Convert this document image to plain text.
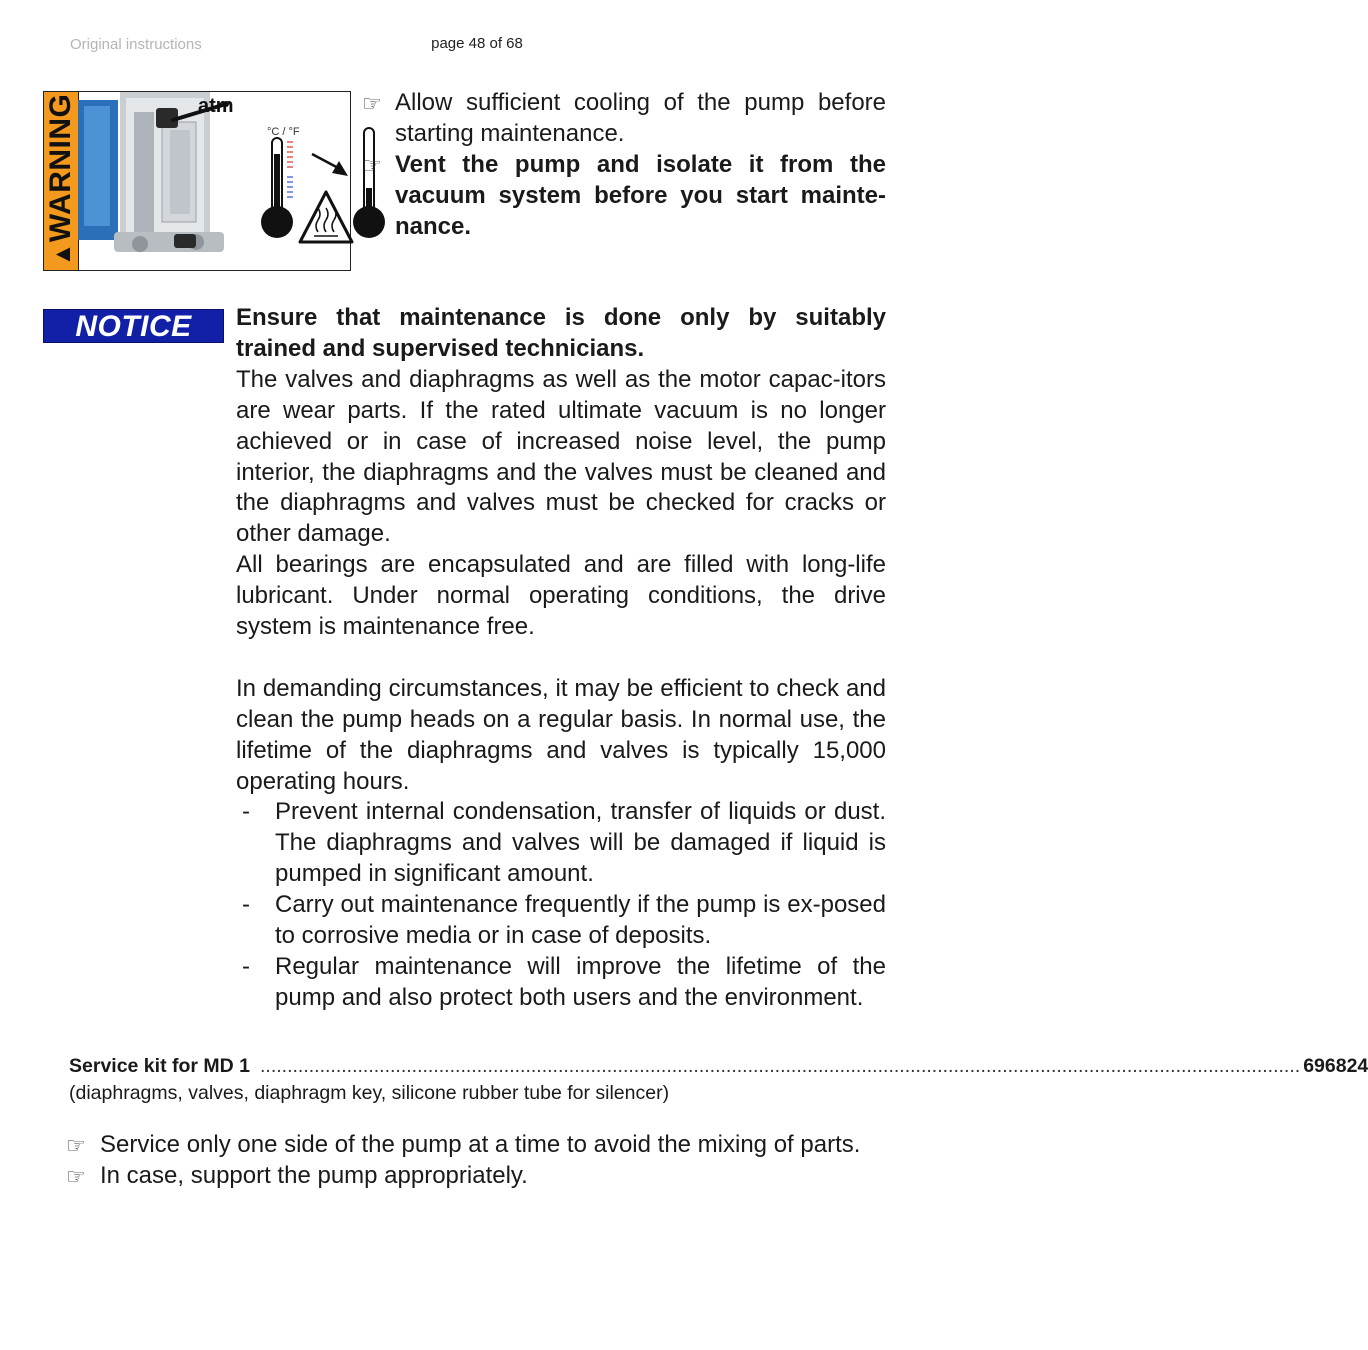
Original instructions	page 48 of 68
▲WARNING	atm
°C / °F
☞ Allow sufficient cooling of the pump before starting maintenance.
☞ Vent the pump and isolate it from the vacuum system before you start mainte-nance.
NOTICE	Ensure that maintenance is done only by suitably trained and supervised technicians.
The valves and diaphragms as well as the motor capac-itors are wear parts. If the rated ultimate vacuum is no longer achieved or in case of increased noise level, the pump interior, the diaphragms and the valves must be cleaned and the diaphragms and valves must be checked for cracks or other damage.
All bearings are encapsulated and are filled with long-life lubricant. Under normal operating conditions, the drive system is maintenance free.
In demanding circumstances, it may be efficient to check and clean the pump heads on a regular basis. In normal use, the lifetime of the diaphragms and valves is typically 15,000 operating hours.
- Prevent internal condensation, transfer of liquids or dust. The diaphragms and valves will be damaged if liquid is pumped in significant amount.
- Carry out maintenance frequently if the pump is ex-posed to corrosive media or in case of deposits.
- Regular maintenance will improve the lifetime of the pump and also protect both users and the environment.
Service kit for MD 1 ................................................................................................................................................................................................ 696824
(diaphragms, valves, diaphragm key, silicone rubber tube for silencer)
☞ Service only one side of the pump at a time to avoid the mixing of parts.
☞ In case, support the pump appropriately.
